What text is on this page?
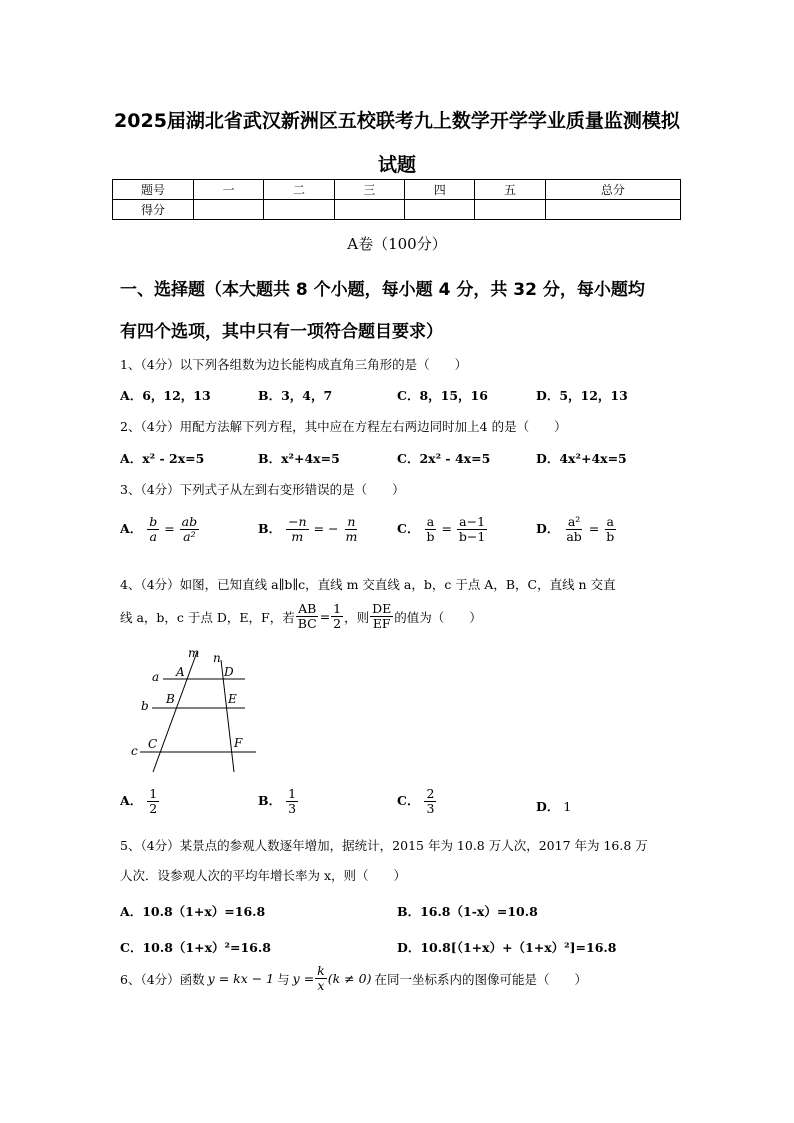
2025届湖北省武汉新洲区五校联考九上数学开学学业质量监测模拟
试题
题号	一	二	三	四	五	总分
得分						
A卷（100分）
一、选择题（本大题共 8 个小题，每小题 4 分，共 32 分，每小题均
有四个选项，其中只有一项符合题目要求）
1、（4分）以下列各组数为边长能构成直角三角形的是（　　）
A．6，12，13	B．3，4，7	C．8，15，16	D．5，12，13
2、（4分）用配方法解下列方程，其中应在方程左右两边同时加上4 的是（　　）
A．x² - 2x=5	B．x²+4x=5	C．2x² - 4x=5	D．4x²+4x=5
3、（4分）下列式子从左到右变形错误的是（　　）
A． $\frac{b}{a} = \frac{ab}{\text{a²}}$	B． $\frac{-n}{m}$ = − $\frac{n}{m}$	C． $\frac{a}{b} = \frac{a-1}{b-1}$	D． $\frac{\text{a²}}{ab} = \frac{a}{b}$
4、（4分）如图，已知直线 a∥b∥c，直线 m 交直线 a，b，c 于点 A，B，C，直线 n 交直
线 a，b，c 于点 D，E，F，若 $\frac{AB}{BC} = \frac{1}{2}$ ，则 $\frac{DE}{EF}$ 的值为（　　）
m n
a
b
c
A
B
C
D
E
F
A． $\frac{1}{2}$	B． $\frac{1}{3}$	C． $\frac{2}{3}$	D． 1
5、（4分）某景点的参观人数逐年增加，据统计，2015 年为 10.8 万人次，2017 年为 16.8 万
人次．设参观人次的平均年增长率为 x，则（　　）
A．10.8（1+x）=16.8	B．16.8（1-x）=10.8
C．10.8（1+x）²=16.8	D．10.8[（1+x）+（1+x）²]=16.8
6、（4分）函数 y = kx − 1 与 $y = \frac{k}{x} (k \ne 0)$ 在同一坐标系内的图像可能是（　　）
